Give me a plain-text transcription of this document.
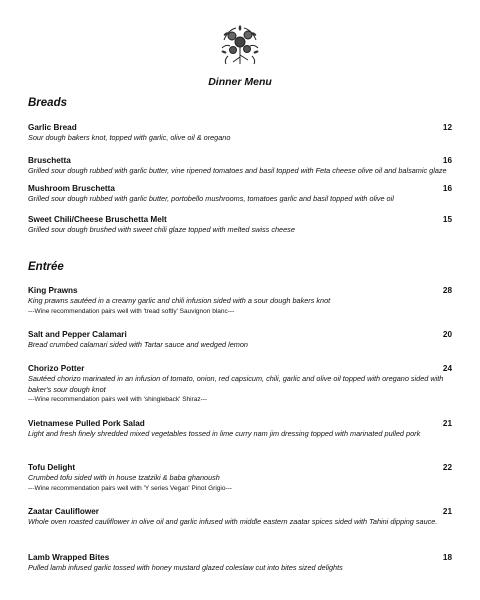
Dinner Menu
Breads
Garlic Bread	12
Sour dough bakers knot, topped with garlic, olive oil & oregano
Bruschetta	16
Grilled sour dough rubbed with garlic butter, vine ripened tomatoes and basil topped with Feta cheese olive oil and balsamic glaze
Mushroom Bruschetta	16
Grilled sour dough rubbed with garlic butter, portobello mushrooms, tomatoes garlic and basil topped with olive oil
Sweet Chili/Cheese Bruschetta Melt	15
Grilled sour dough brushed with sweet chili glaze topped with melted swiss cheese
Entrée
King Prawns	28
King prawns sautéed in a creamy garlic and chili infusion sided with a sour dough bakers knot
---Wine recommendation pairs well with 'tread softly' Sauvignon blanc---
Salt and Pepper Calamari	20
Bread crumbed calamari sided with Tartar sauce and wedged lemon
Chorizo Potter	24
Sautéed chorizo marinated in an infusion of tomato, onion, red capsicum, chili, garlic and olive oil topped with oregano sided with baker's sour dough knot
---Wine recommendation pairs well with 'shingleback' Shiraz---
Vietnamese Pulled Pork Salad	21
Light and fresh finely shredded mixed vegetables tossed in lime curry nam jim dressing topped with marinated pulled pork
Tofu Delight	22
Crumbed tofu sided with in house tzatziki & baba ghanoush
---Wine recommendation pairs well with 'Y series Vegan' Pinot Grigio---
Zaatar Cauliflower	21
Whole oven roasted cauliflower in olive oil and garlic infused with middle eastern zaatar spices sided with Tahini dipping sauce.
Lamb Wrapped Bites	18
Pulled lamb infused garlic tossed with honey mustard glazed coleslaw cut into bites sized delights
